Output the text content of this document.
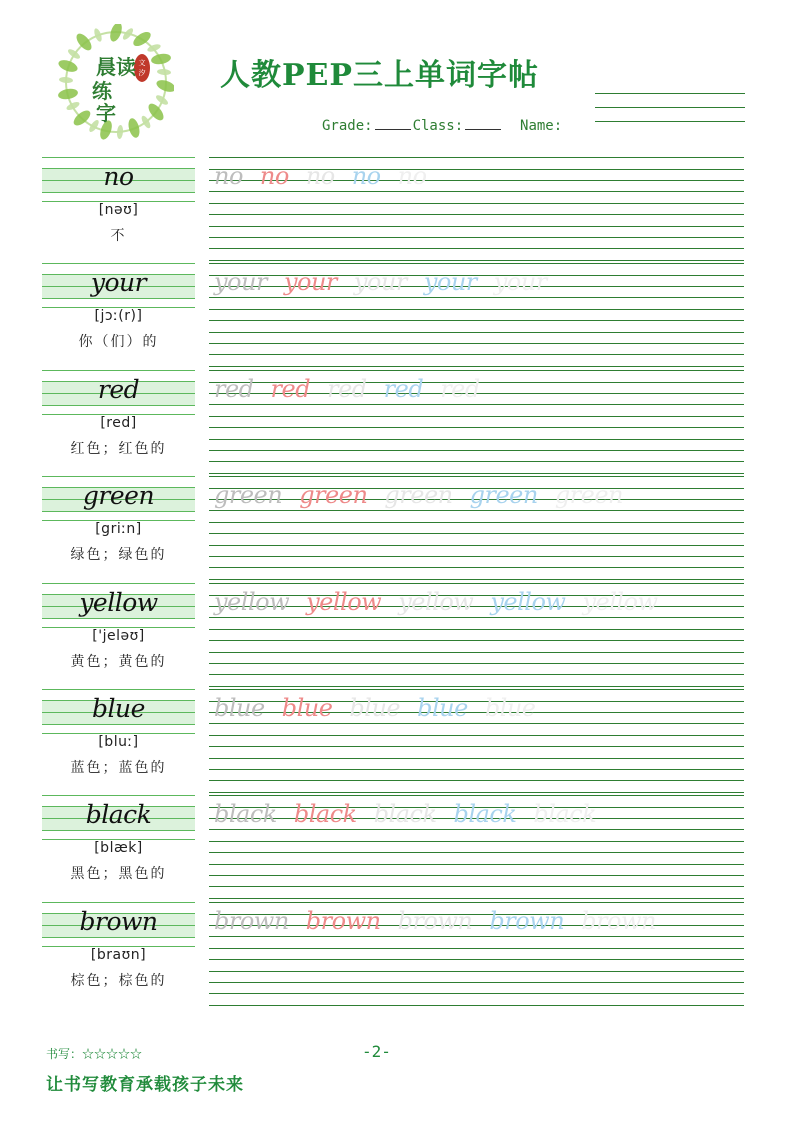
文
汐
晨读
练
字
人教PEP三上单词字帖
Grade:	Class:	Name:
no
[nəʊ]
不
no no no no no
your
[jɔː(r)]
你（们）的
your your your your your
red
[red]
红色；红色的
red red red red red
green
[griːn]
绿色；绿色的
green green green green green
yellow
['jeləʊ]
黄色；黄色的
yellow yellow yellow yellow yellow
blue
[bluː]
蓝色；蓝色的
blue blue blue blue blue
black
[blæk]
黑色；黑色的
black black black black black
brown
[braʊn]
棕色；棕色的
brown brown brown brown brown
书写：☆☆☆☆☆	-2-
让书写教育承载孩子未来
